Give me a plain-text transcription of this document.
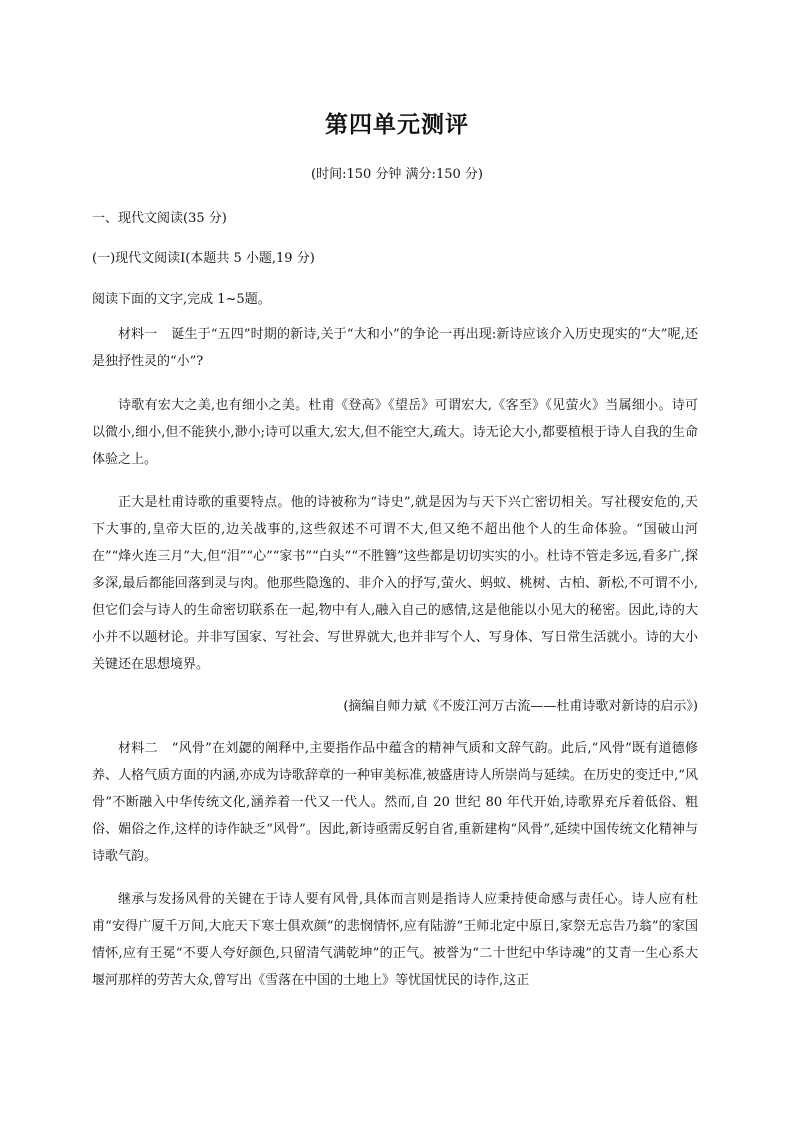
第四单元测评
(时间:150 分钟 满分:150 分)
一、现代文阅读(35 分)
(一)现代文阅读Ⅰ(本题共 5 小题,19 分)
阅读下面的文字,完成 1~5题。
材料一 诞生于“五四”时期的新诗,关于“大和小”的争论一再出现:新诗应该介入历史现实的“大”呢,还是独抒性灵的“小”?
诗歌有宏大之美,也有细小之美。杜甫《登高》《望岳》可谓宏大,《客至》《见萤火》当属细小。诗可以微小,细小,但不能狭小,渺小;诗可以重大,宏大,但不能空大,疏大。诗无论大小,都要植根于诗人自我的生命体验之上。
正大是杜甫诗歌的重要特点。他的诗被称为“诗史”,就是因为与天下兴亡密切相关。写社稷安危的,天下大事的,皇帝大臣的,边关战事的,这些叙述不可谓不大,但又绝不超出他个人的生命体验。“国破山河在”“烽火连三月”大,但“泪”“心”“家书”“白头”“不胜簪”这些都是切切实实的小。杜诗不管走多远,看多广,探多深,最后都能回落到灵与肉。他那些隐逸的、非介入的抒写,萤火、蚂蚁、桃树、古柏、新松,不可谓不小,但它们会与诗人的生命密切联系在一起,物中有人,融入自己的感情,这是他能以小见大的秘密。因此,诗的大小并不以题材论。并非写国家、写社会、写世界就大,也并非写个人、写身体、写日常生活就小。诗的大小关键还在思想境界。
(摘编自师力斌《不废江河万古流——杜甫诗歌对新诗的启示》)
材料二 “风骨”在刘勰的阐释中,主要指作品中蕴含的精神气质和文辞气韵。此后,“风骨”既有道德修养、人格气质方面的内涵,亦成为诗歌辞章的一种审美标准,被盛唐诗人所崇尚与延续。在历史的变迁中,“风骨”不断融入中华传统文化,涵养着一代又一代人。然而,自 20 世纪 80 年代开始,诗歌界充斥着低俗、粗俗、媚俗之作,这样的诗作缺乏“风骨”。因此,新诗亟需反躬自省,重新建构“风骨”,延续中国传统文化精神与诗歌气韵。
继承与发扬风骨的关键在于诗人要有风骨,具体而言则是指诗人应秉持使命感与责任心。诗人应有杜甫“安得广厦千万间,大庇天下寒士俱欢颜”的悲悯情怀,应有陆游“王师北定中原日,家祭无忘告乃翁”的家国情怀,应有王冕“不要人夸好颜色,只留清气满乾坤”的正气。被誉为“二十世纪中华诗魂”的艾青一生心系大堰河那样的劳苦大众,曾写出《雪落在中国的土地上》等忧国忧民的诗作,这正
